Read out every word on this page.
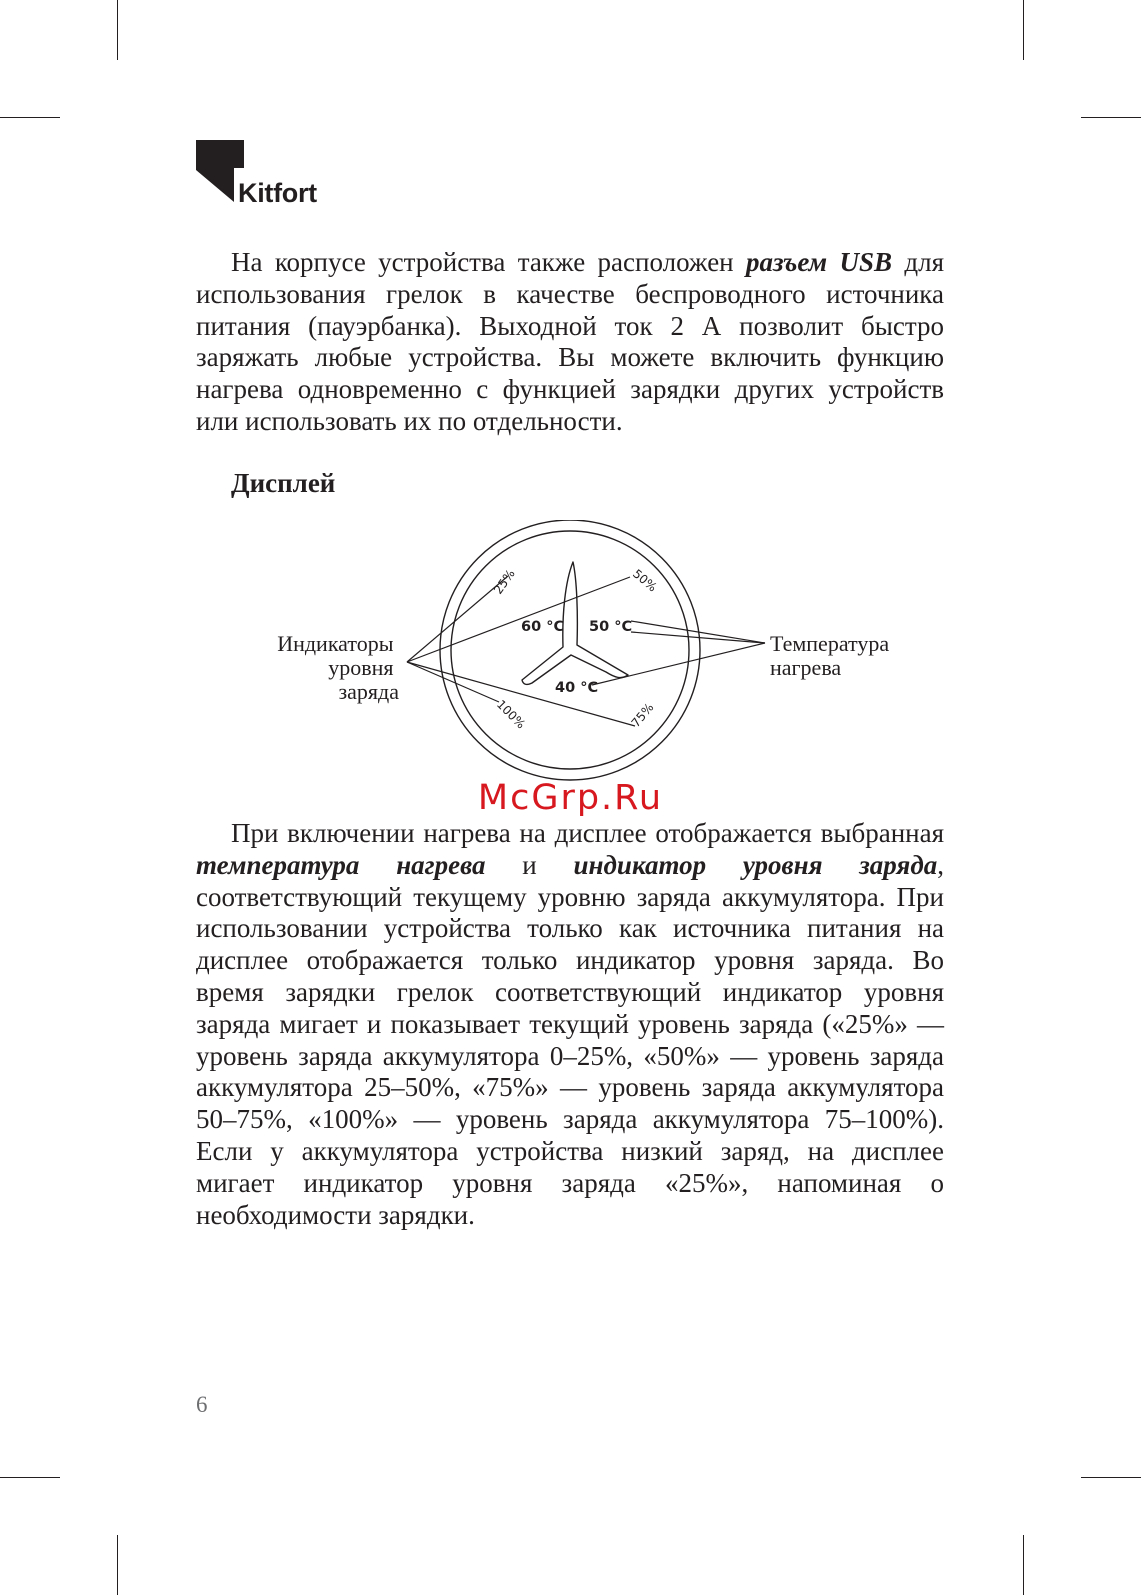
Kitfort

На корпусе устройства также расположен разъем USB для использования грелок в качестве беспроводного источника питания (пауэрбанка). Выходной ток 2 А позволит быстро заряжать любые устройства. Вы можете включить функцию нагрева одновременно с функцией зарядки других устройств или использовать их по отдельности.

Дисплей
60 °C 50 °C
40 °C
25%	50%
75%
100%
Индикаторы уровня заряда
Температура нагрева
McGrp.Ru

При включении нагрева на дисплее отображается выбранная температура нагрева и индикатор уровня заряда, соответствующий текущему уровню заряда аккумулятора. При использовании устройства только как источника питания на дисплее отображается только индикатор уровня заряда. Во время зарядки грелок соответствующий индикатор уровня заряда мигает и показывает текущий уровень заряда («25%» — уровень заряда аккумулятора 0–25%, «50%» — уровень заряда аккумулятора 25–50%, «75%» — уровень заряда аккумулятора 50–75%, «100%» — уровень заряда аккумулятора 75–100%). Если у аккумулятора устройства низкий заряд, на дисплее мигает индикатор уровня заряда «25%», напоминая о необходимости зарядки.

6
